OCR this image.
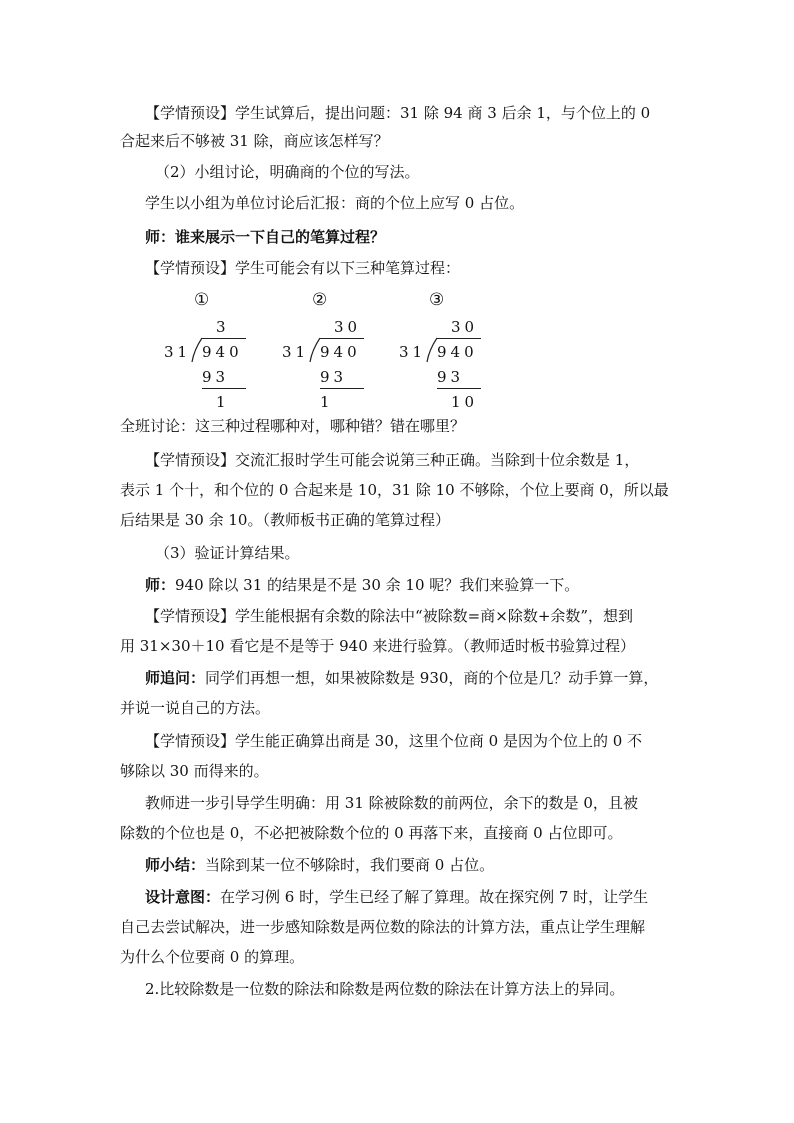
【学情预设】学生试算后，提出问题：31 除 94 商 3 后余 1，与个位上的 0
合起来后不够被 31 除，商应该怎样写？
（2）小组讨论，明确商的个位的写法。
学生以小组为单位讨论后汇报：商的个位上应写 0 占位。
师：谁来展示一下自己的笔算过程？
【学情预设】学生可能会有以下三种笔算过程：
①
3
31 940
93
1
②
30
31 940
93
1
③
30
31 940
93
10
全班讨论：这三种过程哪种对，哪种错？错在哪里？
【学情预设】交流汇报时学生可能会说第三种正确。当除到十位余数是 1，
表示 1 个十，和个位的 0 合起来是 10，31 除 10 不够除，个位上要商 0，所以最
后结果是 30 余 10。（教师板书正确的笔算过程）
（3）验证计算结果。
师：940 除以 31 的结果是不是 30 余 10 呢？我们来验算一下。
【学情预设】学生能根据有余数的除法中“被除数=商×除数+余数”，想到
用 31×30＋10 看它是不是等于 940 来进行验算。（教师适时板书验算过程）
师追问：同学们再想一想，如果被除数是 930，商的个位是几？动手算一算，
并说一说自己的方法。
【学情预设】学生能正确算出商是 30，这里个位商 0 是因为个位上的 0 不
够除以 30 而得来的。
教师进一步引导学生明确：用 31 除被除数的前两位，余下的数是 0，且被
除数的个位也是 0，不必把被除数个位的 0 再落下来，直接商 0 占位即可。
师小结：当除到某一位不够除时，我们要商 0 占位。
设计意图：在学习例 6 时，学生已经了解了算理。故在探究例 7 时，让学生
自己去尝试解决，进一步感知除数是两位数的除法的计算方法，重点让学生理解
为什么个位要商 0 的算理。
2.比较除数是一位数的除法和除数是两位数的除法在计算方法上的异同。
